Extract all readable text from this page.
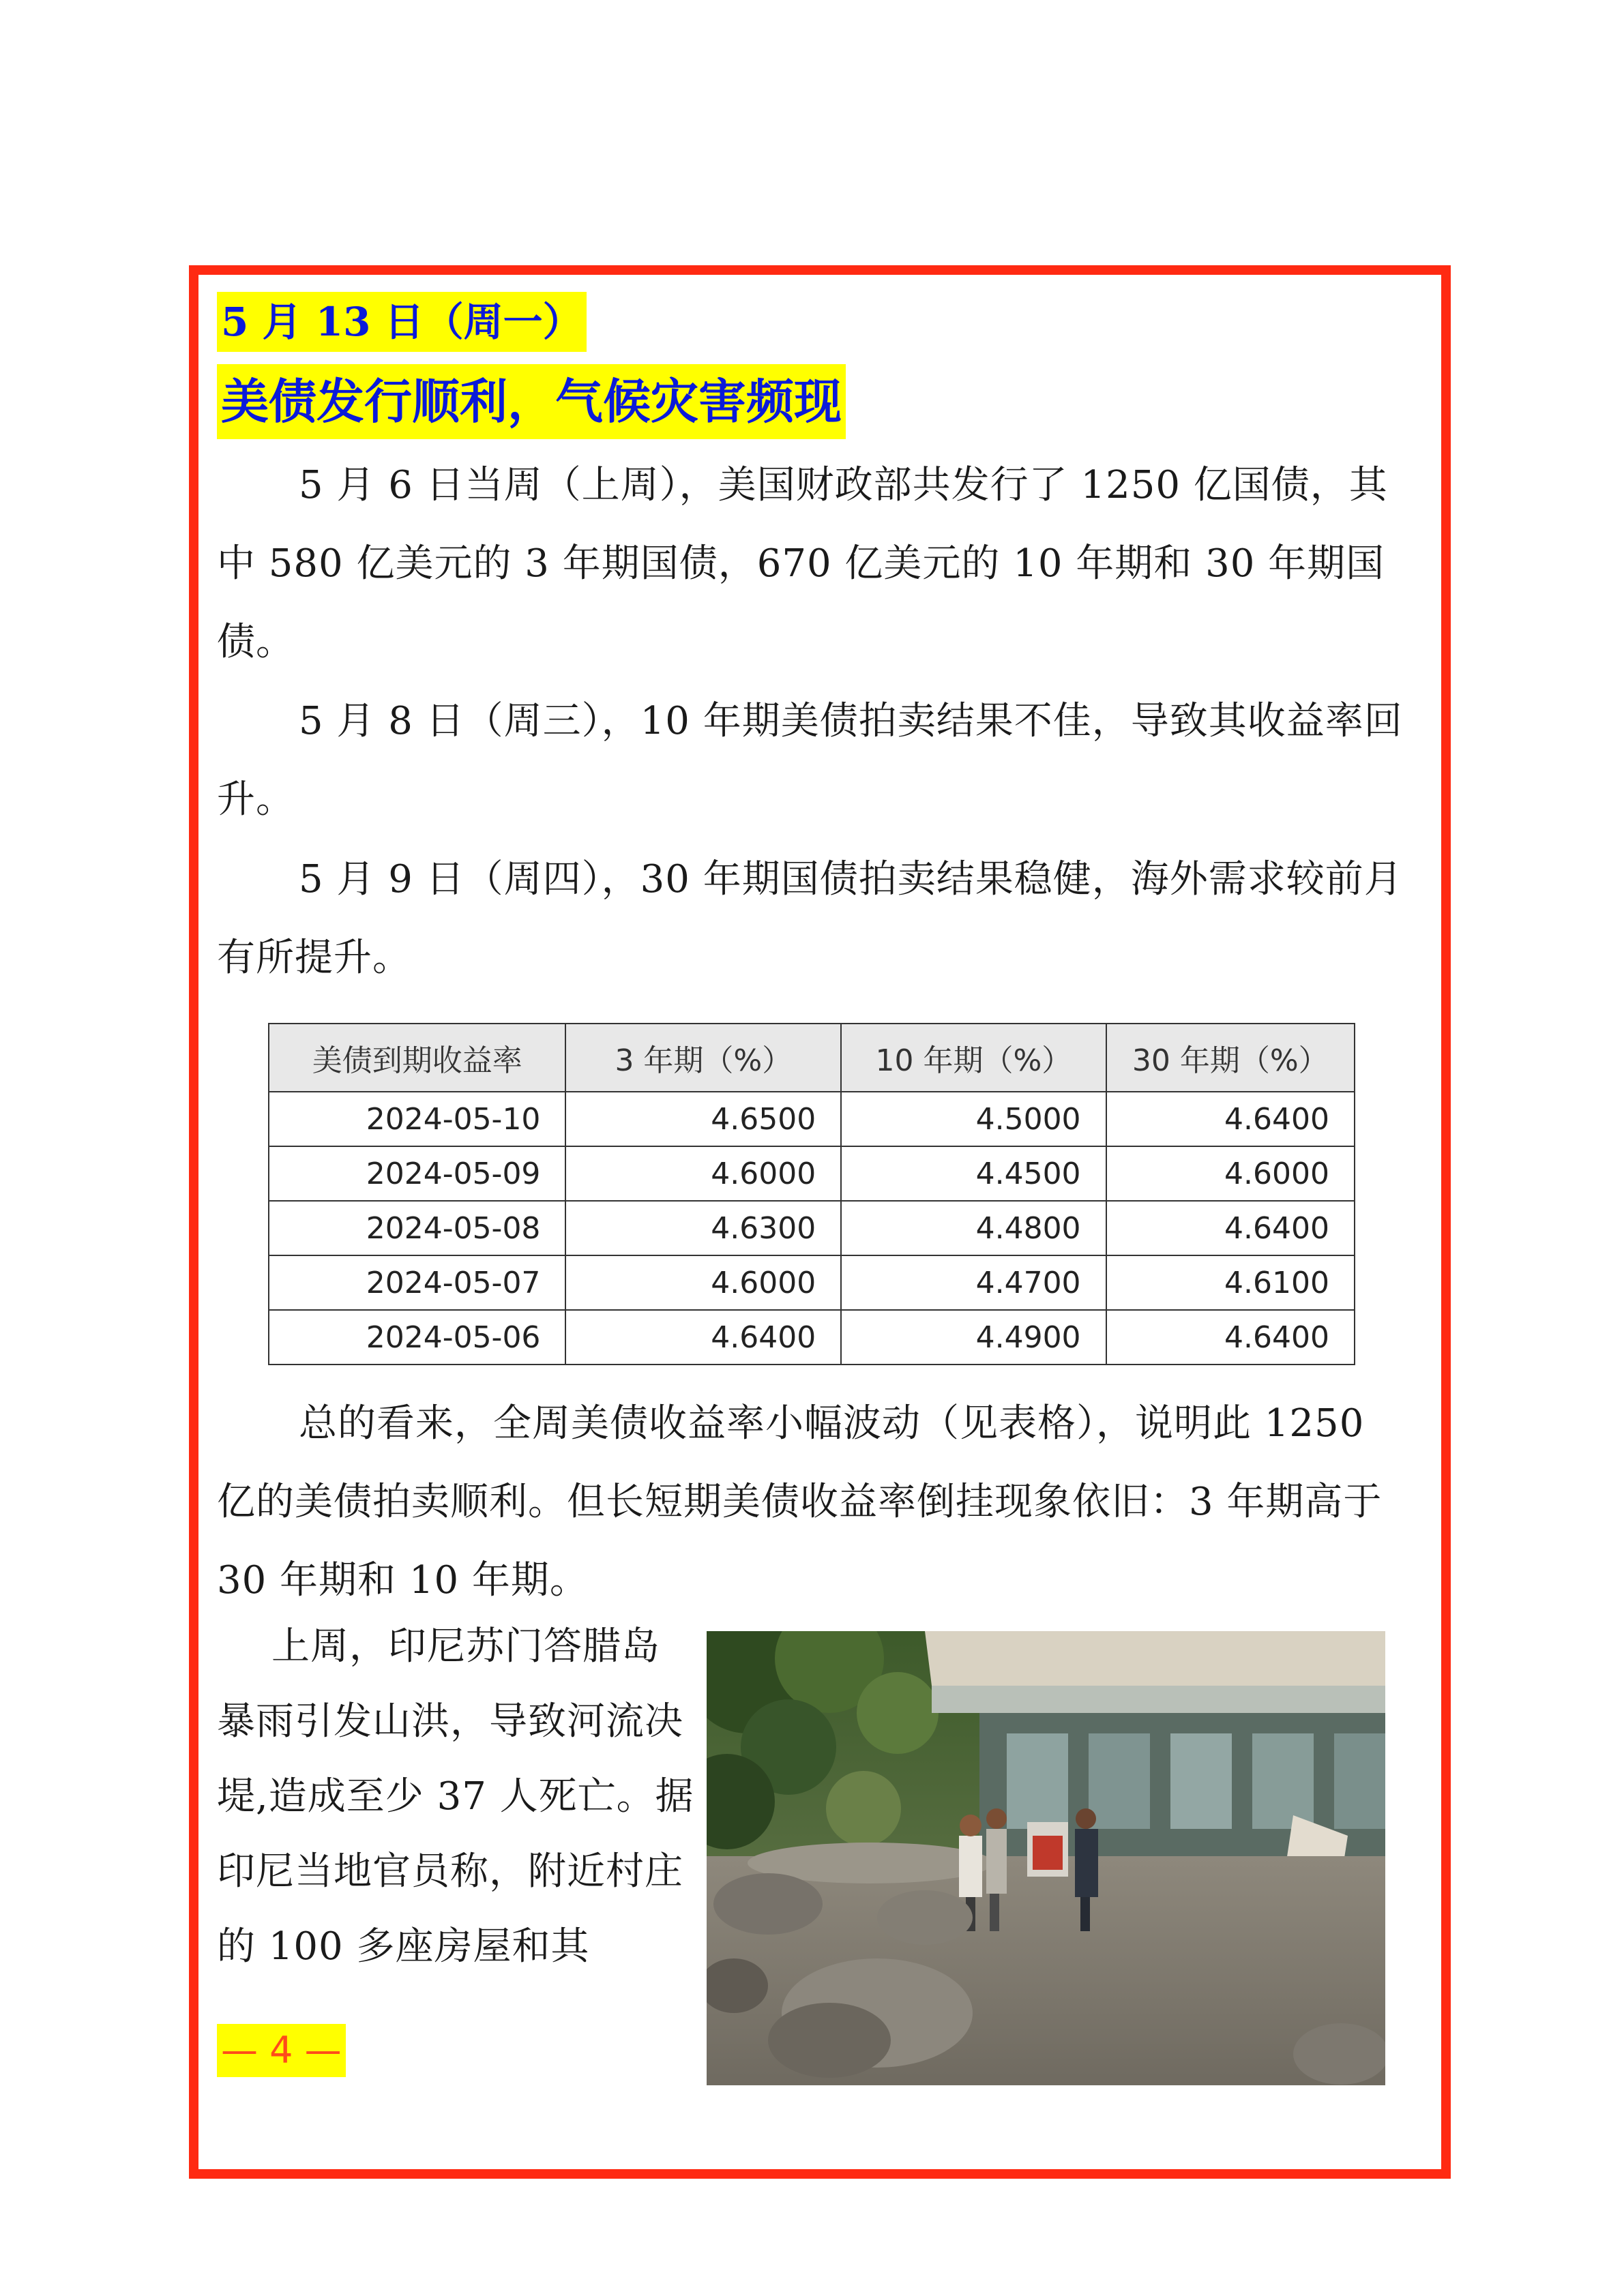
5 月 13 日（周一）
美债发行顺利，气候灾害频现

5 月 6 日当周（上周），美国财政部共发行了 1250 亿国债，其中 580 亿美元的 3 年期国债，670 亿美元的 10 年期和 30 年期国债。

5 月 8 日（周三），10 年期美债拍卖结果不佳，导致其收益率回升。

5 月 9 日（周四），30 年期国债拍卖结果稳健，海外需求较前月有所提升。

美债到期收益率	3 年期（%）	10 年期（%）	30 年期（%）
2024-05-10	4.6500	4.5000	4.6400
2024-05-09	4.6000	4.4500	4.6000
2024-05-08	4.6300	4.4800	4.6400
2024-05-07	4.6000	4.4700	4.6100
2024-05-06	4.6400	4.4900	4.6400

总的看来，全周美债收益率小幅波动（见表格），说明此 1250 亿的美债拍卖顺利。但长短期美债收益率倒挂现象依旧：3 年期高于 30 年期和 10 年期。

上周，印尼苏门答腊岛暴雨引发山洪，导致河流决堤,造成至少 37 人死亡。据印尼当地官员称，附近村庄的 100 多座房屋和其

— 4 —
